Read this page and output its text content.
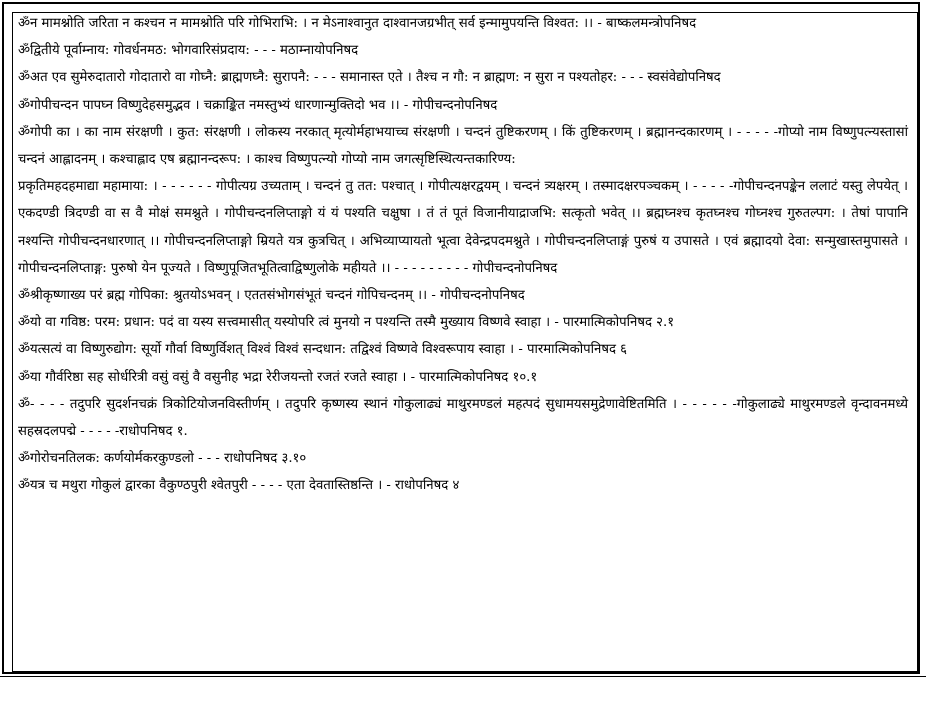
ॐन मामश्नोति जरिता न कश्चन न मामश्नोति परि गोभिराभि: । न मेऽनाश्वानुत दाश्वानजग्रभीत् सर्व इन्मामुपयन्ति विश्वत: ।। - बाष्कलमन्त्रोपनिषद

ॐद्वितीये पूर्वाम्नाय: गोवर्धनमठ: भोगवारिसंप्रदाय: - - - मठाम्नायोपनिषद

ॐअत एव सुमेरुदातारो गोदातारो वा गोघ्नै: ब्राह्मणघ्नै: सुरापनै: - - - समानास्त एते । तैश्च न गौ: न ब्राह्मण: न सुरा न पश्यतोहर: - - - स्वसंवेद्योपनिषद

ॐगोपीचन्दन पापघ्न विष्णुदेहसमुद्भव । चक्राङ्कित नमस्तुभ्यं धारणान्मुक्तिदो भव ।। - गोपीचन्दनोपनिषद

ॐगोपी का । का नाम संरक्षणी । कुत: संरक्षणी । लोकस्य नरकात् मृत्योर्महाभयाच्च संरक्षणी । चन्दनं तुष्टिकरणम् । किं तुष्टिकरणम् । ब्रह्मानन्दकारणम् । - - - - -गोप्यो नाम विष्णुपत्न्यस्तासां चन्दनं आह्लादनम् । कश्चाह्लाद एष ब्रह्मानन्दरूप: । काश्च विष्णुपत्न्यो गोप्यो नाम जगत्सृष्टिस्थित्यन्तकारिण्य:

प्रकृतिमहदहमाद्या महामाया: । - - - - - - गोपीत्यग्र उच्यताम् । चन्दनं तु तत: पश्चात् । गोपीत्यक्षरद्वयम् । चन्दनं त्र्यक्षरम् । तस्मादक्षरपञ्चकम् । - - - - -गोपीचन्दनपङ्केन ललाटं यस्तु लेपयेत् । एकदण्डी त्रिदण्डी वा स वै मोक्षं समश्नुते । गोपीचन्दनलिप्ताङ्गो यं यं पश्यति चक्षुषा । तं तं पूतं विजानीयाद्राजभि: सत्कृतो भवेत् ।। ब्रह्मघ्नश्च कृतघ्नश्च गोघ्नश्च गुरुतल्पग: । तेषां पापानि नश्यन्ति गोपीचन्दनधारणात् ।। गोपीचन्दनलिप्ताङ्गो म्रियते यत्र कुत्रचित् । अभिव्याप्यायतो भूत्वा देवेन्द्रपदमश्नुते । गोपीचन्दनलिप्ताङ्गं पुरुषं य उपासते । एवं ब्रह्मादयो देवा: सन्मुखास्तमुपासते । गोपीचन्दनलिप्ताङ्ग: पुरुषो येन पूज्यते । विष्णुपूजितभूतित्वाद्विष्णुलोके महीयते ।। - - - - - - - - - गोपीचन्दनोपनिषद

ॐश्रीकृष्णाख्य परं ब्रह्म गोपिका: श्रुतयोऽभवन् । एततसंभोगसंभूतं चन्दनं गोपिचन्दनम् ।। - गोपीचन्दनोपनिषद

ॐयो वा गविष्ठ: परम: प्रधान: पदं वा यस्य सत्त्वमासीत् यस्योपरि त्वं मुनयो न पश्यन्ति तस्मै मुख्याय विष्णवे स्वाहा । - पारमात्मिकोपनिषद २.१

ॐयत्सत्यं वा विष्णुरुद्योग: सूर्यो गौर्वा विष्णुर्विशत् विश्वं विश्वं सन्दधान: तद्विश्वं विष्णवे विश्वरूपाय स्वाहा । - पारमात्मिकोपनिषद ६

ॐया गौर्वरिष्ठा सह सोर्धरित्री वसुं वसुं वै वसुनीह भद्रा रेरीजयन्तो रजतं रजते स्वाहा । - पारमात्मिकोपनिषद १०.१

ॐ- - - - तदुपरि सुदर्शनचक्रं त्रिकोटियोजनविस्तीर्णम् । तदुपरि कृष्णस्य स्थानं गोकुलाढ्यं माथुरमण्डलं महत्पदं सुधामयसमुद्रेणावेष्टितमिति । - - - - - -गोकुलाढ्ये माथुरमण्डले वृन्दावनमध्ये सहस्रदलपद्मे - - - - -राधोपनिषद १.

ॐगोरोचनतिलक: कर्णयोर्मकरकुण्डलो - - - राधोपनिषद ३.१०

ॐयत्र च मथुरा गोकुलं द्वारका वैकुण्ठपुरी श्वेतपुरी - - - - एता देवतास्तिष्ठन्ति । - राधोपनिषद ४
